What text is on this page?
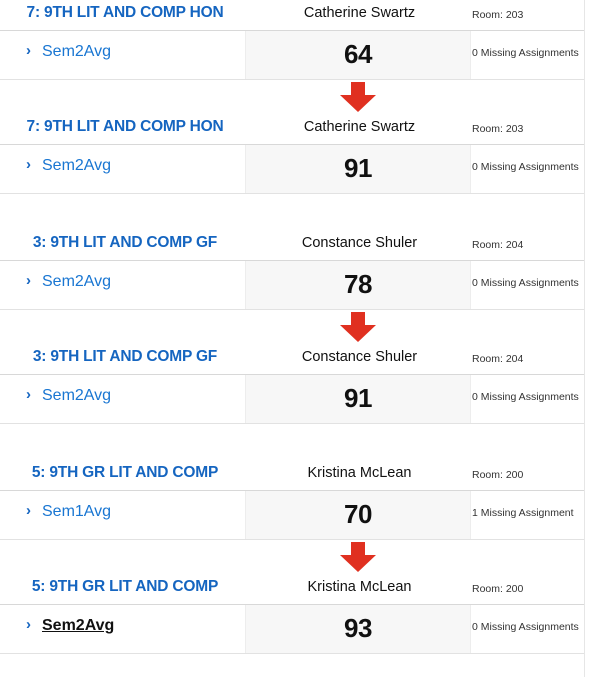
7: 9TH LIT AND COMP HON	Catherine Swartz	Room: 203
› Sem2Avg	64	0 Missing Assignments
7: 9TH LIT AND COMP HON	Catherine Swartz	Room: 203
› Sem2Avg	91	0 Missing Assignments
3: 9TH LIT AND COMP GF	Constance Shuler	Room: 204
› Sem2Avg	78	0 Missing Assignments
3: 9TH LIT AND COMP GF	Constance Shuler	Room: 204
› Sem2Avg	91	0 Missing Assignments
5: 9TH GR LIT AND COMP	Kristina McLean	Room: 200
› Sem1Avg	70	1 Missing Assignment
5: 9TH GR LIT AND COMP	Kristina McLean	Room: 200
› Sem2Avg	93	0 Missing Assignments
